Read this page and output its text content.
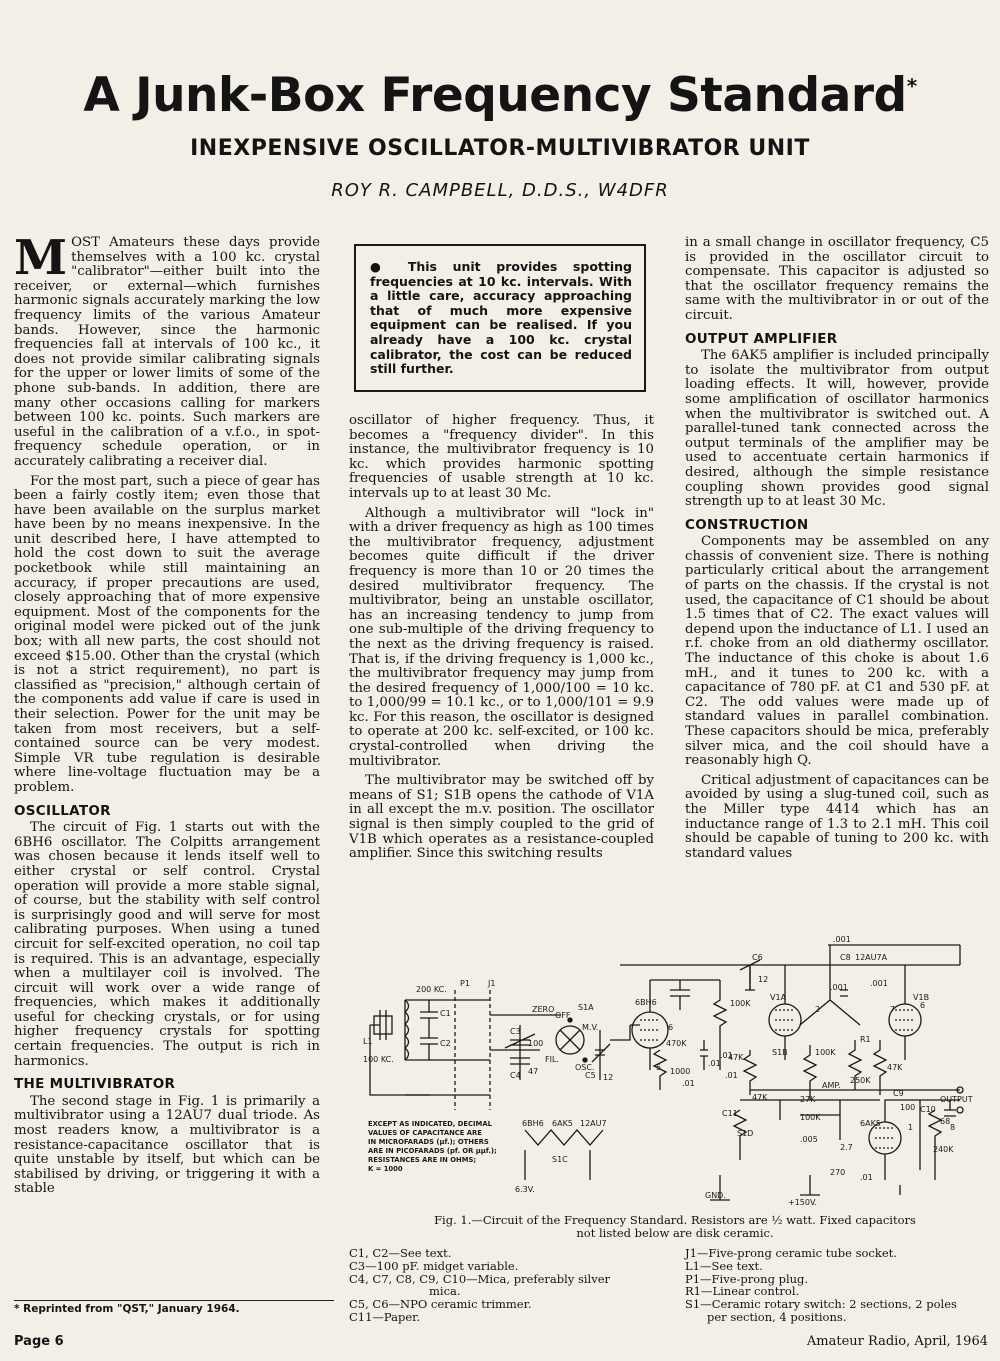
A Junk-Box Frequency Standard*
INEXPENSIVE OSCILLATOR-MULTIVIBRATOR UNIT
ROY R. CAMPBELL, D.D.S., W4DFR

MOST Amateurs these days provide themselves with a 100 kc. crystal "calibrator"—either built into the receiver, or external—which furnishes harmonic signals accurately marking the low frequency limits of the various Amateur bands. However, since the harmonic frequencies fall at intervals of 100 kc., it does not provide similar calibrating signals for the upper or lower limits of some of the phone sub-bands. In addition, there are many other occasions calling for markers between 100 kc. points. Such markers are useful in the calibration of a v.f.o., in spot-frequency schedule operation, or in accurately calibrating a receiver dial.

For the most part, such a piece of gear has been a fairly costly item; even those that have been available on the surplus market have been by no means inexpensive. In the unit described here, I have attempted to hold the cost down to suit the average pocketbook while still maintaining an accuracy, if proper precautions are used, closely approaching that of more expensive equipment. Most of the components for the original model were picked out of the junk box; with all new parts, the cost should not exceed $15.00. Other than the crystal (which is not a strict requirement), no part is classified as "precision," although certain of the components add value if care is used in their selection. Power for the unit may be taken from most receivers, but a self-contained source can be very modest. Simple VR tube regulation is desirable where line-voltage fluctuation may be a problem.

OSCILLATOR

The circuit of Fig. 1 starts out with the 6BH6 oscillator. The Colpitts arrangement was chosen because it lends itself well to either crystal or self control. Crystal operation will provide a more stable signal, of course, but the stability with self control is surprisingly good and will serve for most calibrating purposes. When using a tuned circuit for self-excited operation, no coil tap is required. This is an advantage, especially when a multilayer coil is involved. The circuit will work over a wide range of frequencies, which makes it additionally useful for checking crystals, or for using higher frequency crystals for spotting certain frequencies. The output is rich in harmonics.

THE MULTIVIBRATOR

The second stage in Fig. 1 is primarily a multivibrator using a 12AU7 dual triode. As most readers know, a multivibrator is a resistance-capacitance oscillator that is quite unstable by itself, but which can be stabilised by driving, or triggering it with a stable

● This unit provides spotting frequencies at 10 kc. intervals. With a little care, accuracy approaching that of much more expensive equipment can be realised. If you already have a 100 kc. crystal calibrator, the cost can be reduced still further.

oscillator of higher frequency. Thus, it becomes a "frequency divider". In this instance, the multivibrator frequency is 10 kc. which provides harmonic spotting frequencies of usable strength at 10 kc. intervals up to at least 30 Mc.

Although a multivibrator will "lock in" with a driver frequency as high as 100 times the multivibrator frequency, adjustment becomes quite difficult if the driver frequency is more than 10 or 20 times the desired multivibrator frequency. The multivibrator, being an unstable oscillator, has an increasing tendency to jump from one sub-multiple of the driving frequency to the next as the driving frequency is raised. That is, if the driving frequency is 1,000 kc., the multivibrator frequency may jump from the desired frequency of 1,000/100 = 10 kc. to 1,000/99 = 10.1 kc., or to 1,000/101 = 9.9 kc. For this reason, the oscillator is designed to operate at 200 kc. self-excited, or 100 kc. crystal-controlled when driving the multivibrator.

The multivibrator may be switched off by means of S1; S1B opens the cathode of V1A in all except the m.v. position. The oscillator signal is then simply coupled to the grid of V1B which operates as a resistance-coupled amplifier. Since this switching results

in a small change in oscillator frequency, C5 is provided in the oscillator circuit to compensate. This capacitor is adjusted so that the oscillator frequency remains the same with the multivibrator in or out of the circuit.

OUTPUT AMPLIFIER

The 6AK5 amplifier is included principally to isolate the multivibrator from output loading effects. It will, however, provide some amplification of oscillator harmonics when the multivibrator is switched out. A parallel-tuned tank connected across the output terminals of the amplifier may be used to accentuate certain harmonics if desired, although the simple resistance coupling shown provides good signal strength up to at least 30 Mc.

CONSTRUCTION

Components may be assembled on any chassis of convenient size. There is nothing particularly critical about the arrangement of parts on the chassis. If the crystal is not used, the capacitance of C1 should be about 1.5 times that of C2. The exact values will depend upon the inductance of L1. I used an r.f. choke from an old diathermy oscillator. The inductance of this choke is about 1.6 mH., and it tunes to 200 kc. with a capacitance of 780 pF. at C1 and 530 pF. at C2. The odd values were made up of standard values in parallel combination. These capacitors should be mica, preferably silver mica, and the coil should have a reasonably high Q.

Critical adjustment of capacitances can be avoided by using a slug-tuned coil, such as the Miller type 4414 which has an inductance range of 1.3 to 2.1 mH. This coil should be capable of tuning to 200 kc. with standard values

L1
100 KC.
200 KC.
C1
C2
P1 J1
ZERO
OFF
M.V.
FIL.
OSC.
S1A
C3
100
C4 47	C5 12
6BH6
6
5
470K
1000
.01
.01
100K
.01
C6
12
47K
V1A
2
.001
C8 12AU7A
.001
V1B
7	6
S1B	100K
R1
250K
47K
47K
AMP.
27K
C9
100 C10
OUTPUT
68
C11	100K
6AK5
S1D
.005
2.7	240K
270
.01
.01
1
.001
8
EXCEPT AS INDICATED, DECIMAL
VALUES OF CAPACITANCE ARE
IN MICROFARADS (μf.); OTHERS
ARE IN PICOFARADS (pf. OR μμf.);
RESISTANCES ARE IN OHMS;
K = 1000
6BH6 6AK5 12AU7
S1C
6.3V.
GND.
+150V.
Fig. 1.—Circuit of the Frequency Standard. Resistors are ½ watt. Fixed capacitors
not listed below are disk ceramic.
C1, C2—See text.
C3—100 pF. midget variable.
C4, C7, C8, C9, C10—Mica, preferably silver
mica.
C5, C6—NPO ceramic trimmer.
C11—Paper.
J1—Five-prong ceramic tube socket.
L1—See text.
P1—Five-prong plug.
R1—Linear control.
S1—Ceramic rotary switch: 2 sections, 2 poles
per section, 4 positions.
* Reprinted from "QST," January 1964.
Page 6	Amateur Radio, April, 1964
